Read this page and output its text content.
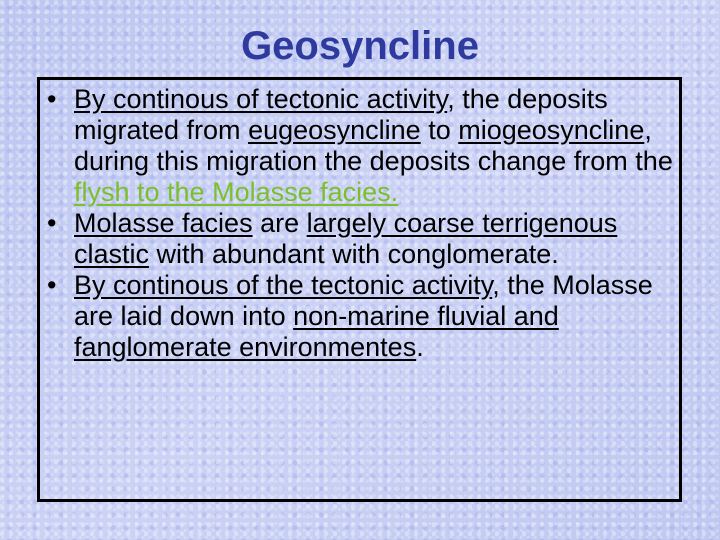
Geosyncline
• By continous of tectonic activity, the deposits migrated from eugeosyncline to miogeosyncline, during this migration the deposits change from the flysh to the Molasse facies.
• Molasse facies are largely coarse terrigenous clastic with abundant with conglomerate.
• By continous of the tectonic activity, the Molasse are laid down into non-marine fluvial and fanglomerate environmentes.
